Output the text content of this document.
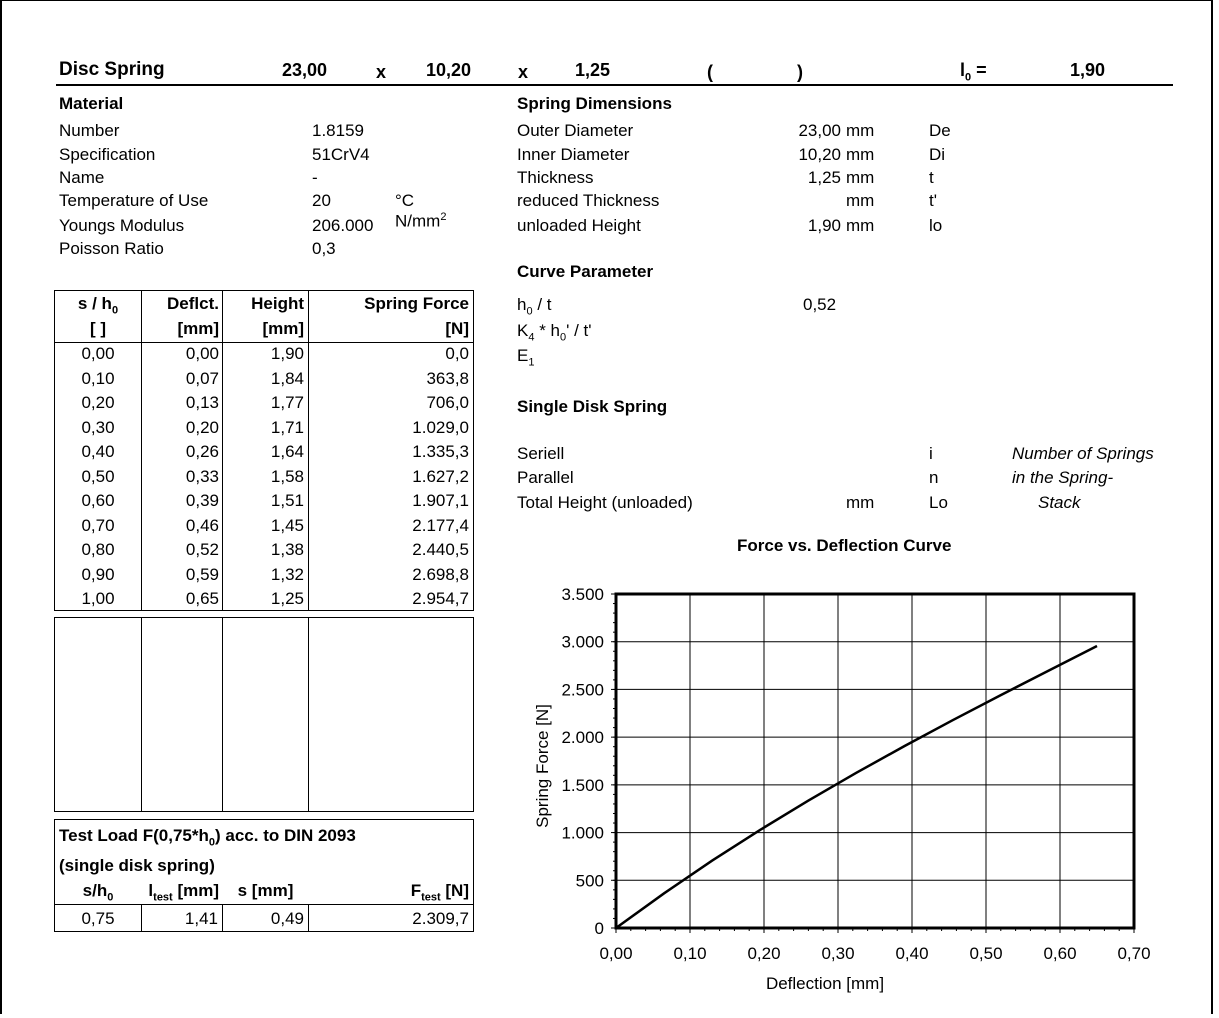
Disc Spring	23,00	x 10,20	x	1,25	(	)	$l_0$ =	1,90
Material
Number	1.8159
Specification	51CrV4
Name	-
Temperature of Use	20	°C
Youngs Modulus	206.000 $N/mm^2$
Poisson Ratio	0,3
Spring Dimensions
Outer Diameter	23,00 mm	De
Inner Diameter	10,20 mm	Di
Thickness	1,25 mm	t
reduced Thickness	mm	t'
unloaded Height	1,90 mm	lo
Curve Parameter
$h_0$ / t	0,52
$K_4 * h_0'$ / t'
$E_1$
Single Disk Spring
Seriell	i
Parallel	n
Total Height (unloaded)	mm	Lo
Number of Springs
in the Spring-
Stack
s / $h_0$	Deflct.	Height	Spring Force
[ ]	[mm]	[mm]	[N]
0,00	0,00	1,90	0,0
0,10	0,07	1,84	363,8
0,20	0,13	1,77	706,0
0,30	0,20	1,71	1.029,0
0,40	0,26	1,64	1.335,3
0,50	0,33	1,58	1.627,2
0,60	0,39	1,51	1.907,1
0,70	0,46	1,45	2.177,4
0,80	0,52	1,38	2.440,5
0,90	0,59	1,32	2.698,8
1,00	0,65	1,25	2.954,7
Test Load $F(0,75*h_0)$ acc. to DIN 2093
(single disk spring)
$s/h_0$	$l_{test}$ [mm]	s [mm]	$F_{test}$ [N]
0,75	1,41	0,49	2.309,7
Force vs. Deflection Curve
0,00 0,10 0,20 0,30 0,40 0,50 0,60 0,70
0
500
1.000
1.500
2.000
2.500
3.000
3.500
Deflection [mm]
Spring Force [N]
